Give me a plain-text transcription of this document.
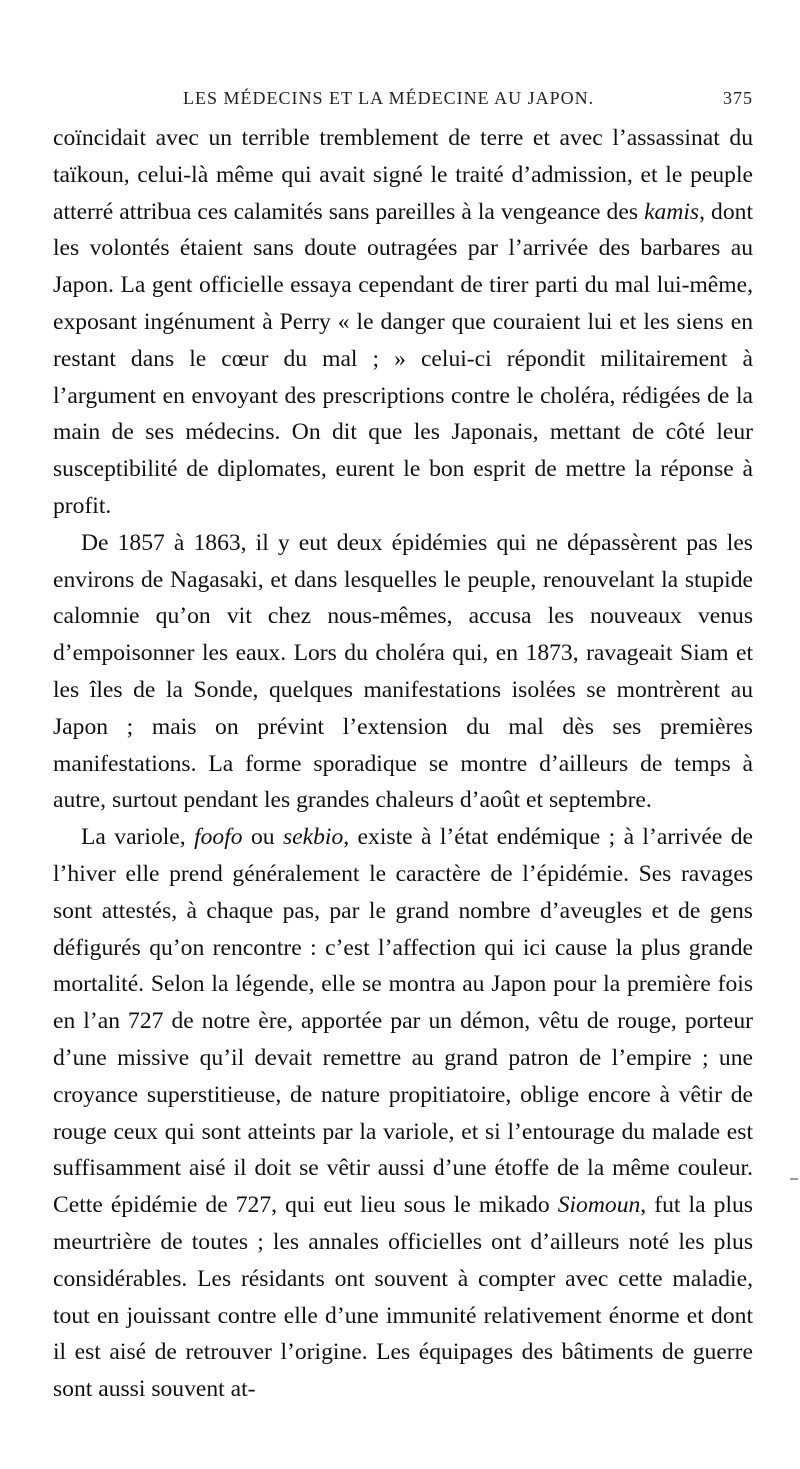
LES MÉDECINS ET LA MÉDECINE AU JAPON.	375

coïncidait avec un terrible tremblement de terre et avec l’assassinat du taïkoun, celui-là même qui avait signé le traité d’admission, et le peuple atterré attribua ces calamités sans pareilles à la vengeance des kamis, dont les volontés étaient sans doute outragées par l’arrivée des barbares au Japon. La gent officielle essaya cependant de tirer parti du mal lui-même, exposant ingénument à Perry « le danger que couraient lui et les siens en restant dans le cœur du mal ; » celui-ci répondit militairement à l’argument en envoyant des prescriptions contre le choléra, rédigées de la main de ses médecins. On dit que les Japonais, mettant de côté leur susceptibilité de diplomates, eurent le bon esprit de mettre la réponse à profit.

De 1857 à 1863, il y eut deux épidémies qui ne dépassèrent pas les environs de Nagasaki, et dans lesquelles le peuple, renouvelant la stupide calomnie qu’on vit chez nous-mêmes, accusa les nouveaux venus d’empoisonner les eaux. Lors du choléra qui, en 1873, ravageait Siam et les îles de la Sonde, quelques manifestations isolées se montrèrent au Japon ; mais on prévint l’extension du mal dès ses premières manifestations. La forme sporadique se montre d’ailleurs de temps à autre, surtout pendant les grandes chaleurs d’août et septembre.

La variole, foofo ou sekbio, existe à l’état endémique ; à l’arrivée de l’hiver elle prend généralement le caractère de l’épidémie. Ses ravages sont attestés, à chaque pas, par le grand nombre d’aveugles et de gens défigurés qu’on rencontre : c’est l’affection qui ici cause la plus grande mortalité. Selon la légende, elle se montra au Japon pour la première fois en l’an 727 de notre ère, apportée par un démon, vêtu de rouge, porteur d’une missive qu’il devait remettre au grand patron de l’empire ; une croyance superstitieuse, de nature propitiatoire, oblige encore à vêtir de rouge ceux qui sont atteints par la variole, et si l’entourage du malade est suffisamment aisé il doit se vêtir aussi d’une étoffe de la même couleur. Cette épidémie de 727, qui eut lieu sous le mikado Siomoun, fut la plus meurtrière de toutes ; les annales officielles ont d’ailleurs noté les plus considérables. Les résidants ont souvent à compter avec cette maladie, tout en jouissant contre elle d’une immunité relativement énorme et dont il est aisé de retrouver l’origine. Les équipages des bâtiments de guerre sont aussi souvent at-
